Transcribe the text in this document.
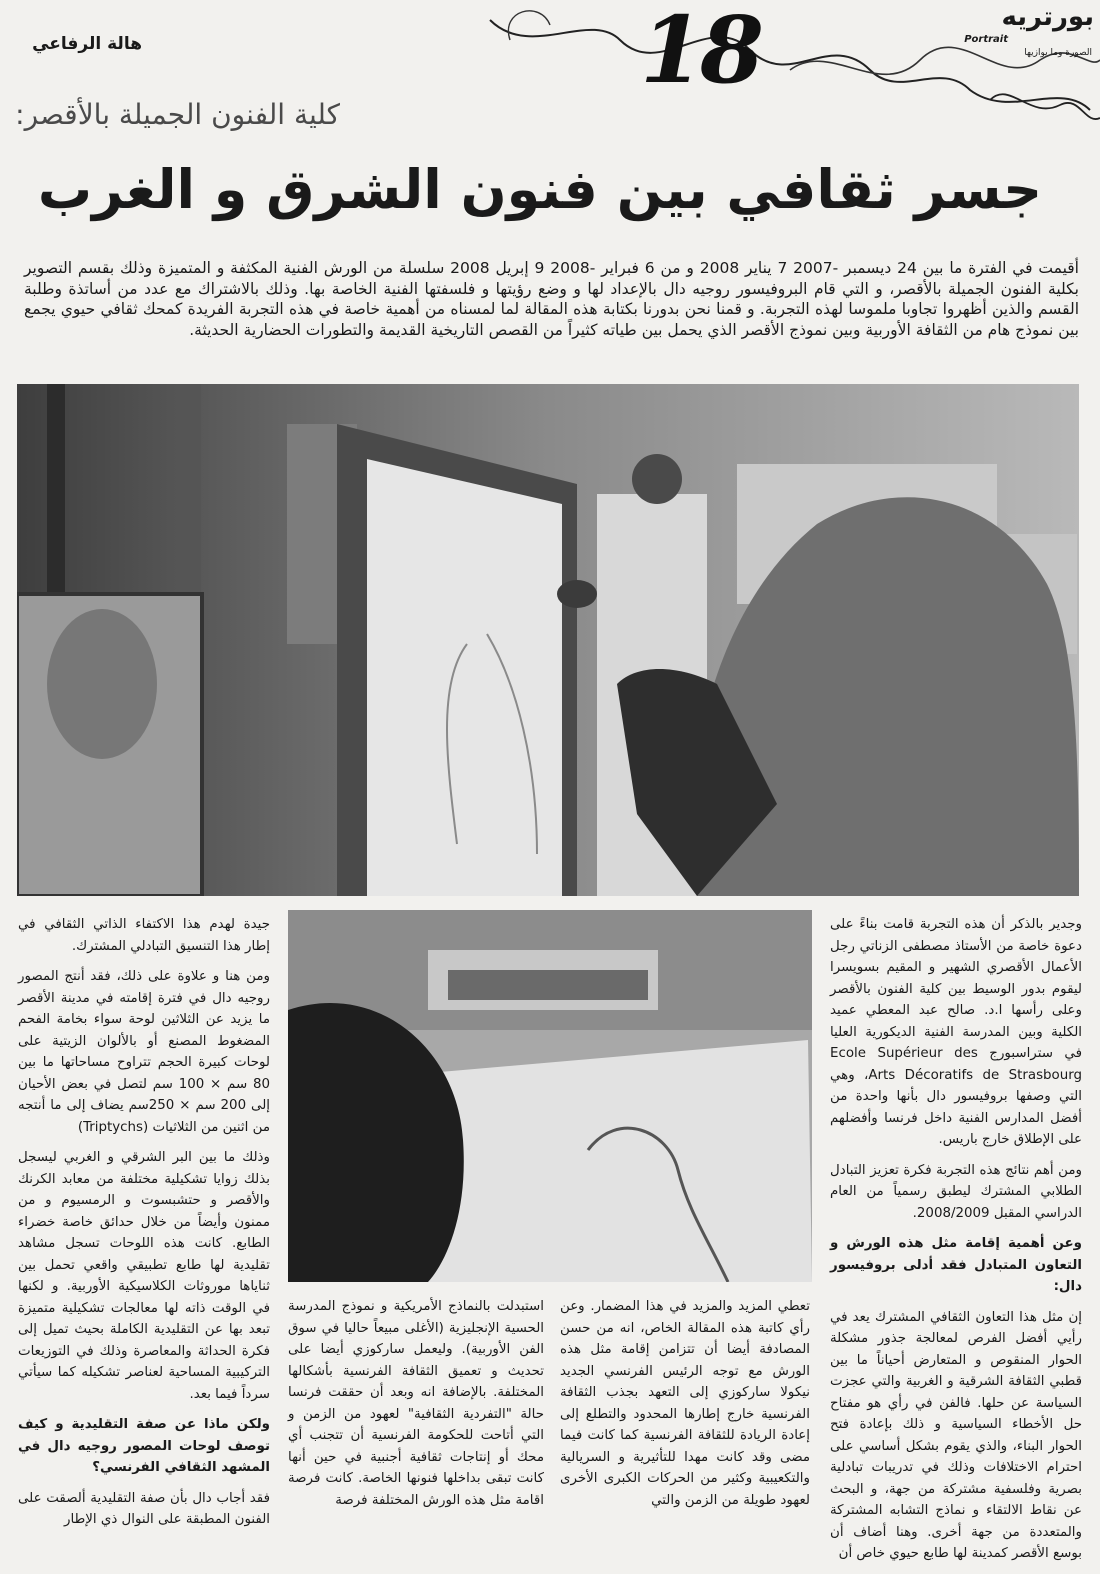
18	بورتريه
Portrait
الصورة وما يوازيها
هالة الرفاعي
كلية الفنون الجميلة بالأقصر:
جسر ثقافي بين فنون الشرق و الغرب
أقيمت في الفترة ما بين 24 ديسمبر -2007 7 يناير 2008 و من 6 فبراير -2008 9 إبريل 2008 سلسلة من الورش الفنية المكثفة و المتميزة وذلك بقسم التصوير بكلية الفنون الجميلة بالأقصر، و التي قام البروفيسور روجيه دال بالإعداد لها و وضع رؤيتها و فلسفتها الفنية الخاصة بها. وذلك بالاشتراك مع عدد من أساتذة وطلبة القسم والذين أظهروا تجاوبا ملموسا لهذه التجربة. و قمنا نحن بدورنا بكتابة هذه المقالة لما لمسناه من أهمية خاصة في هذه التجربة الفريدة كمحك ثقافي حيوي يجمع بين نموذج هام من الثقافة الأوربية وبين نموذج الأقصر الذي يحمل بين طياته كثيراً من القصص التاريخية القديمة والتطورات الحضارية الحديثة.

وجدير بالذكر أن هذه التجربة قامت بناءً على دعوة خاصة من الأستاذ مصطفى الزناتي رجل الأعمال الأقصري الشهير و المقيم بسويسرا ليقوم بدور الوسيط بين كلية الفنون بالأقصر وعلى رأسها ا.د. صالح عبد المعطي عميد الكلية وبين المدرسة الفنية الديكورية العليا في ستراسبورج Ecole Supérieur des Arts Décoratifs de Strasbourg، وهي التي وصفها بروفيسور دال بأنها واحدة من أفضل المدارس الفنية داخل فرنسا وأفضلهم على الإطلاق خارج باريس.

ومن أهم نتائج هذه التجربة فكرة تعزيز التبادل الطلابي المشترك ليطبق رسمياً من العام الدراسي المقبل 2008/2009.

وعن أهمية إقامة مثل هذه الورش و التعاون المتبادل فقد أدلى بروفيسور دال:

إن مثل هذا التعاون الثقافي المشترك يعد في رأيي أفضل الفرص لمعالجة جذور مشكلة الحوار المنقوص و المتعارض أحياناً ما بين قطبي الثقافة الشرقية و الغربية والتي عجزت السياسة عن حلها. فالفن في رأي هو مفتاح حل الأخطاء السياسية و ذلك بإعادة فتح الحوار البناء، والذي يقوم بشكل أساسي على احترام الاختلافات وذلك في تدريبات تبادلية بصرية وفلسفية مشتركة من جهة، و البحث عن نقاط الالتقاء و نماذج التشابه المشتركة والمتعددة من جهة أخرى. وهنا أضاف أن بوسع الأقصر كمدينة لها طابع حيوي خاص أن

تعطي المزيد والمزيد في هذا المضمار. وعن رأي كاتبة هذه المقالة الخاص، انه من حسن المصادفة أيضا أن تتزامن إقامة مثل هذه الورش مع توجه الرئيس الفرنسي الجديد نيكولا ساركوزي إلى التعهد بجذب الثقافة الفرنسية خارج إطارها المحدود والتطلع إلى إعادة الريادة للثقافة الفرنسية كما كانت فيما مضى وقد كانت مهدا للتأثيرية و السريالية والتكعيبية وكثير من الحركات الكبرى الأخرى لعهود طويلة من الزمن والتي

استبدلت بالنماذج الأمريكية و نموذج المدرسة الحسية الإنجليزية (الأغلى مبيعاً حاليا في سوق الفن الأوربية). وليعمل ساركوزي أيضا على تحديث و تعميق الثقافة الفرنسية بأشكالها المختلفة. بالإضافة انه وبعد أن حققت فرنسا حالة "التفردية الثقافية" لعهود من الزمن و التي أتاحت للحكومة الفرنسية أن تتجنب أي محك أو إنتاجات ثقافية أجنبية في حين أنها كانت تبقى بداخلها فنونها الخاصة. كانت فرصة اقامة مثل هذه الورش المختلفة فرصة

جيدة لهدم هذا الاكتفاء الذاتي الثقافي في إطار هذا التنسيق التبادلي المشترك.

ومن هنا و علاوة على ذلك، فقد أنتج المصور روجيه دال في فترة إقامته في مدينة الأقصر ما يزيد عن الثلاثين لوحة سواء بخامة الفحم المضغوط المصنع أو بالألوان الزيتية على لوحات كبيرة الحجم تتراوح مساحاتها ما بين 80 سم × 100 سم لتصل في بعض الأحيان إلى 200 سم × 250سم يضاف إلى ما أنتجه من اثنين من الثلاثيات (Triptychs)

وذلك ما بين البر الشرقي و الغربي ليسجل بذلك زوايا تشكيلية مختلفة من معابد الكرنك والأقصر و حتشبسوت و الرمسيوم و من ممنون وأيضاً من خلال حدائق خاصة خضراء الطابع. كانت هذه اللوحات تسجل مشاهد تقليدية لها طابع تطبيقي واقعي تحمل بين ثناياها موروثات الكلاسيكية الأوربية. و لكنها في الوقت ذاته لها معالجات تشكيلية متميزة تبعد بها عن التقليدية الكاملة بحيث تميل إلى فكرة الحداثة والمعاصرة وذلك في التوزيعات التركيبية المساحية لعناصر تشكيله كما سيأتي سرداً فيما بعد.

ولكن ماذا عن صفة التقليدية و كيف توصف لوحات المصور روجيه دال في المشهد الثقافي الفرنسي؟

فقد أجاب دال بأن صفة التقليدية ألصقت على الفنون المطبقة على النوال ذي الإطار
